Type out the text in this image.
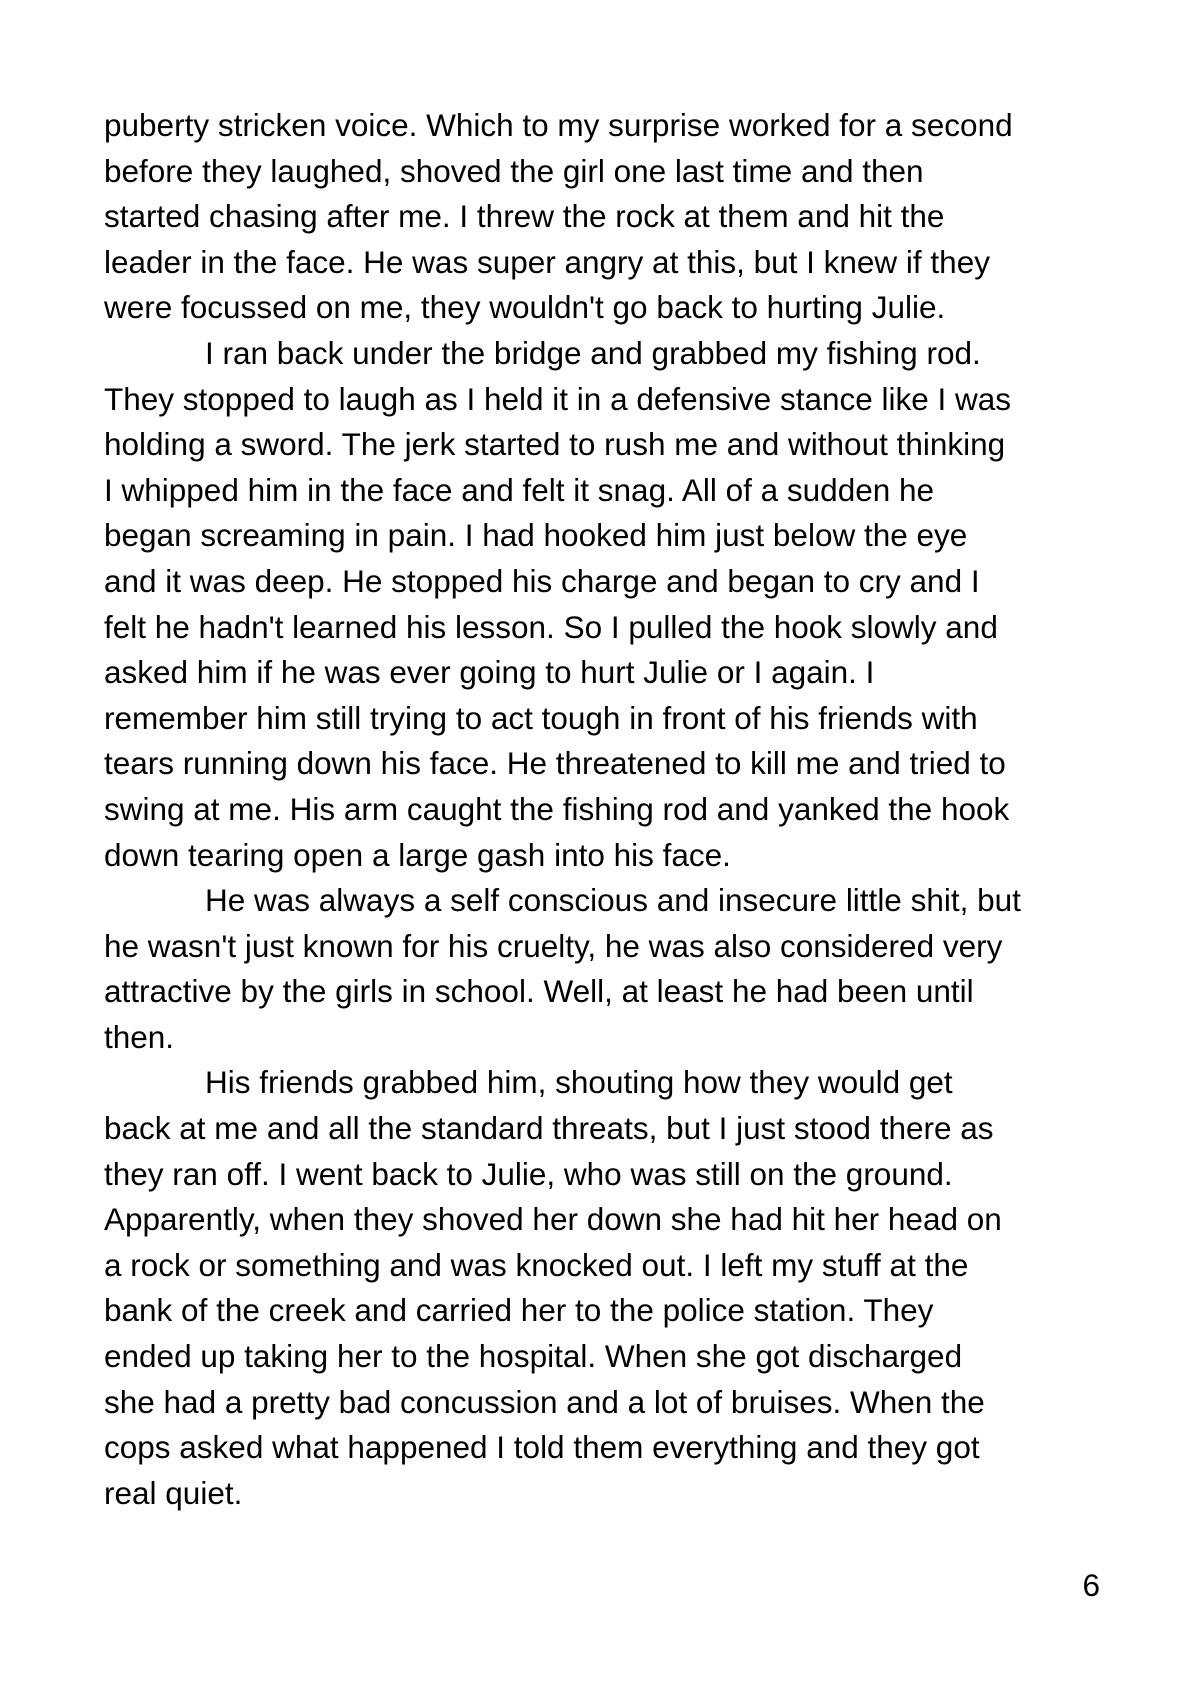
puberty stricken voice. Which to my surprise worked for a second
before they laughed, shoved the girl one last time and then
started chasing after me. I threw the rock at them and hit the
leader in the face. He was super angry at this, but I knew if they
were focussed on me, they wouldn't go back to hurting Julie.
I ran back under the bridge and grabbed my fishing rod.
They stopped to laugh as I held it in a defensive stance like I was
holding a sword. The jerk started to rush me and without thinking
I whipped him in the face and felt it snag. All of a sudden he
began screaming in pain. I had hooked him just below the eye
and it was deep. He stopped his charge and began to cry and I
felt he hadn't learned his lesson. So I pulled the hook slowly and
asked him if he was ever going to hurt Julie or I again. I
remember him still trying to act tough in front of his friends with
tears running down his face. He threatened to kill me and tried to
swing at me. His arm caught the fishing rod and yanked the hook
down tearing open a large gash into his face.
He was always a self conscious and insecure little shit, but
he wasn't just known for his cruelty, he was also considered very
attractive by the girls in school. Well, at least he had been until
then.
His friends grabbed him, shouting how they would get
back at me and all the standard threats, but I just stood there as
they ran off. I went back to Julie, who was still on the ground.
Apparently, when they shoved her down she had hit her head on
a rock or something and was knocked out. I left my stuff at the
bank of the creek and carried her to the police station. They
ended up taking her to the hospital. When she got discharged
she had a pretty bad concussion and a lot of bruises. When the
cops asked what happened I told them everything and they got
real quiet.
6
